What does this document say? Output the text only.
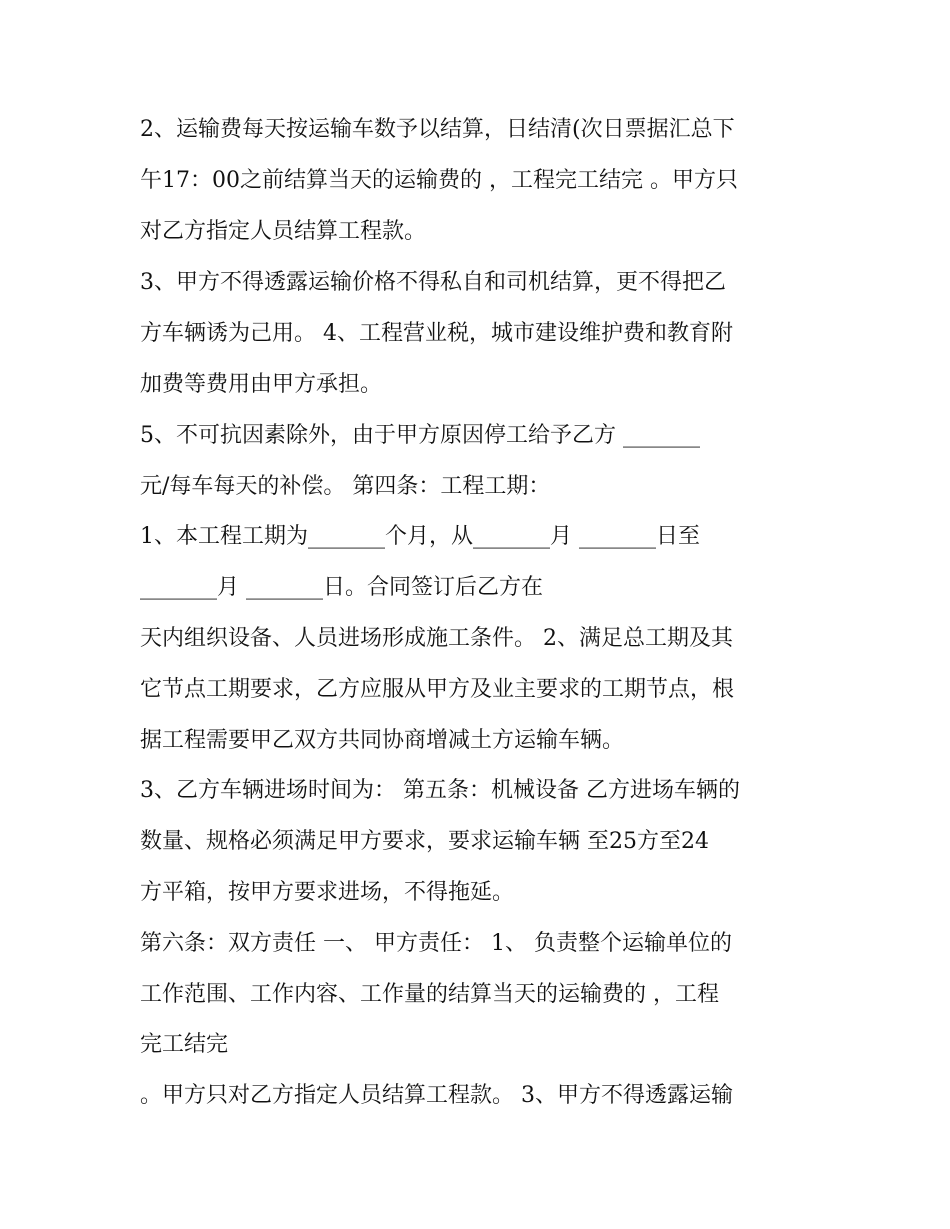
2、运输费每天按运输车数予以结算，日结清(次日票据汇总下
午17：00之前结算当天的运输费的 ，工程完工结完 。甲方只
对乙方指定人员结算工程款。
3、甲方不得透露运输价格不得私自和司机结算，更不得把乙
方车辆诱为己用。 4、工程营业税，城市建设维护费和教育附
加费等费用由甲方承担。
5、不可抗因素除外，由于甲方原因停工给予乙方 _______
元/每车每天的补偿。 第四条：工程工期：
1、本工程工期为_______个月，从_______月 _______日至
_______月 _______日。合同签订后乙方在
天内组织设备、人员进场形成施工条件。 2、满足总工期及其
它节点工期要求，乙方应服从甲方及业主要求的工期节点，根
据工程需要甲乙双方共同协商增减土方运输车辆。
3、乙方车辆进场时间为： 第五条：机械设备 乙方进场车辆的
数量、规格必须满足甲方要求，要求运输车辆 至25方至24
方平箱，按甲方要求进场，不得拖延。
第六条：双方责任 一、 甲方责任： 1、 负责整个运输单位的
工作范围、工作内容、工作量的结算当天的运输费的 ，工程
完工结完
。甲方只对乙方指定人员结算工程款。 3、甲方不得透露运输
